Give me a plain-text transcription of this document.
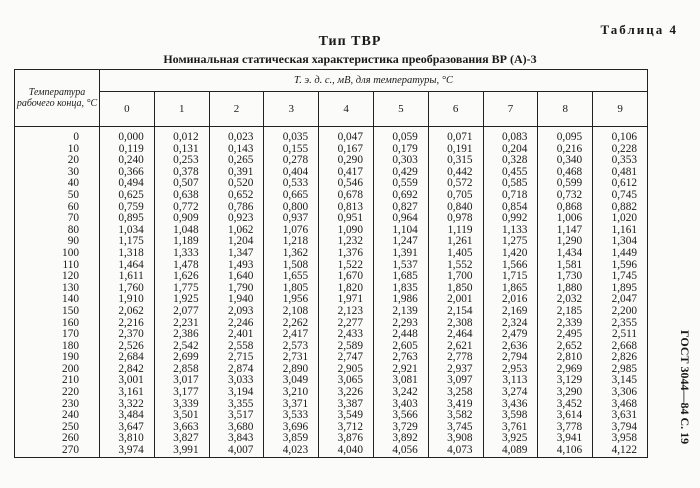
Таблица 4
Тип ТВР
Номинальная статическая характеристика преобразования ВР (А)-3
Температура рабочего конца, °С	Т. э. д. с., мВ, для температуры, °С									
	0	1	2	3	4	5	6	7	8	9

0	0,000	0,012	0,023	0,035	0,047	0,059	0,071	0,083	0,095	0,106
10	0,119	0,131	0,143	0,155	0,167	0,179	0,191	0,204	0,216	0,228
20	0,240	0,253	0,265	0,278	0,290	0,303	0,315	0,328	0,340	0,353
30	0,366	0,378	0,391	0,404	0,417	0,429	0,442	0,455	0,468	0,481
40	0,494	0,507	0,520	0,533	0,546	0,559	0,572	0,585	0,599	0,612
50	0,625	0,638	0,652	0,665	0,678	0,692	0,705	0,718	0,732	0,745
60	0,759	0,772	0,786	0,800	0,813	0,827	0,840	0,854	0,868	0,882
70	0,895	0,909	0,923	0,937	0,951	0,964	0,978	0,992	1,006	1,020
80	1,034	1,048	1,062	1,076	1,090	1,104	1,119	1,133	1,147	1,161
90	1,175	1,189	1,204	1,218	1,232	1,247	1,261	1,275	1,290	1,304
100	1,318	1,333	1,347	1,362	1,376	1,391	1,405	1,420	1,434	1,449
110	1,464	1,478	1,493	1,508	1,522	1,537	1,552	1,566	1,581	1,596
120	1,611	1,626	1,640	1,655	1,670	1,685	1,700	1,715	1,730	1,745
130	1,760	1,775	1,790	1,805	1,820	1,835	1,850	1,865	1,880	1,895
140	1,910	1,925	1,940	1,956	1,971	1,986	2,001	2,016	2,032	2,047
150	2,062	2,077	2,093	2,108	2,123	2,139	2,154	2,169	2,185	2,200
160	2,216	2,231	2,246	2,262	2,277	2,293	2,308	2,324	2,339	2,355
170	2,370	2,386	2,401	2,417	2,433	2,448	2,464	2,479	2,495	2,511
180	2,526	2,542	2,558	2,573	2,589	2,605	2,621	2,636	2,652	2,668
190	2,684	2,699	2,715	2,731	2,747	2,763	2,778	2,794	2,810	2,826
200	2,842	2,858	2,874	2,890	2,905	2,921	2,937	2,953	2,969	2,985
210	3,001	3,017	3,033	3,049	3,065	3,081	3,097	3,113	3,129	3,145
220	3,161	3,177	3,194	3,210	3,226	3,242	3,258	3,274	3,290	3,306
230	3,322	3,339	3,355	3,371	3,387	3,403	3,419	3,436	3,452	3,468
240	3,484	3,501	3,517	3,533	3,549	3,566	3,582	3,598	3,614	3,631
250	3,647	3,663	3,680	3,696	3,712	3,729	3,745	3,761	3,778	3,794
260	3,810	3,827	3,843	3,859	3,876	3,892	3,908	3,925	3,941	3,958
270	3,974	3,991	4,007	4,023	4,040	4,056	4,073	4,089	4,106	4,122
ГОСТ 3044—84 С. 19
